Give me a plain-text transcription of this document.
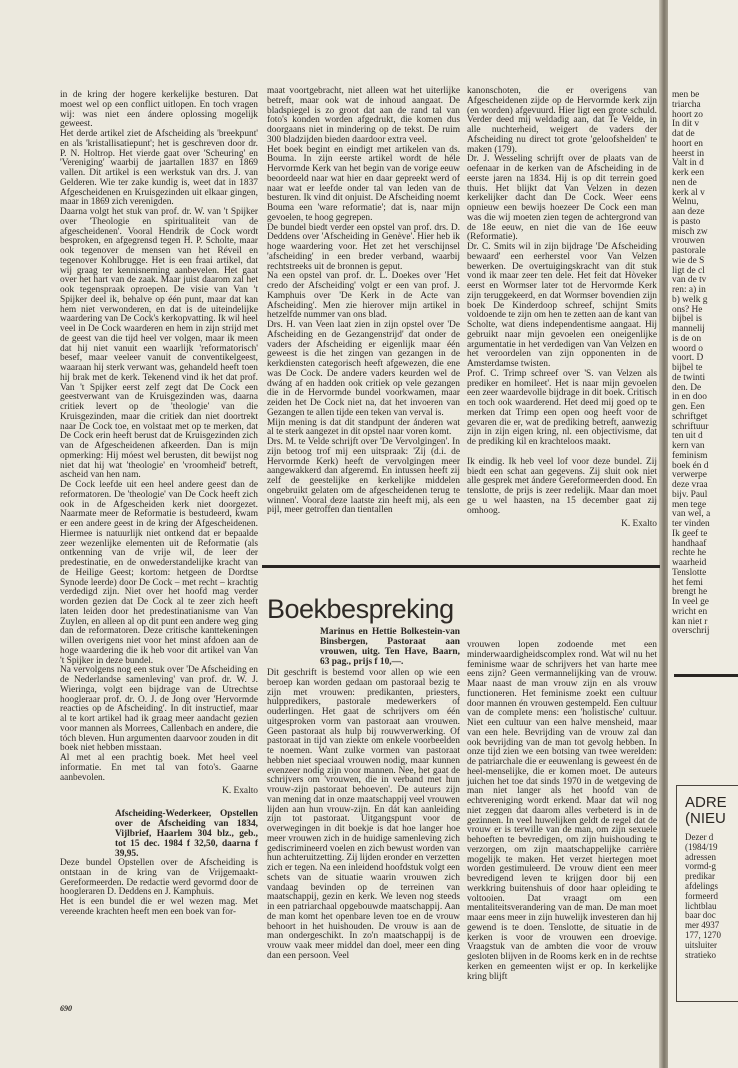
in de kring der hogere kerkelijke besturen. Dat moest wel op een conflict uitlopen. En toch vragen wij: was niet een ándere oplossing mogelijk geweest.

Het derde artikel ziet de Afscheiding als 'breekpunt' en als 'kristallisatiepunt'; het is geschreven door dr. P. N. Holtrop. Het vierde gaat over 'Scheuring' en 'Vereniging' waarbij de jaartallen 1837 en 1869 vallen. Dit artikel is een werkstuk van drs. J. van Gelderen. Wie ter zake kundig is, weet dat in 1837 Afgescheidenen en Kruisgezinden uit elkaar gingen, maar in 1869 zich verenigden.

Daarna volgt het stuk van prof. dr. W. van 't Spijker over 'Theologie en spiritualiteit van de afgescheidenen'. Vooral Hendrik de Cock wordt besproken, en afgegrensd tegen H. P. Scholte, maar ook tegenover de mensen van het Réveil en tegenover Kohlbrugge. Het is een fraai artikel, dat wij graag ter kennisneming aanbevelen. Het gaat over het hart van de zaak. Maar juist daarom zal het ook tegenspraak oproepen. De visie van Van 't Spijker deel ik, behalve op één punt, maar dat kan hem niet verwonderen, en dat is de uiteindelijke waardering van De Cock's kerkopvatting. Ik wil heel veel in De Cock waarderen en hem in zijn strijd met de geest van die tijd heel ver volgen, maar ik meen dat hij niet vanuit een waarlijk 'reformatorisch' besef, maar veeleer vanuit de conventikelgeest, waaraan hij sterk verwant was, gehandeld heeft toen hij brak met de kerk. Tekenend vind ik het dat prof. Van 't Spijker eerst zelf zegt dat De Cock een geestverwant van de Kruisgezinden was, daarna critiek levert op de 'theologie' van die Kruisgezinden, maar die critiek dan niet doortrekt naar De Cock toe, en volstaat met op te merken, dat De Cock erin heeft berust dat de Kruisgezinden zich van de Afgescheidenen afkeerden. Dan is mijn opmerking: Hij móest wel berusten, dit bewijst nog niet dat hij wat 'theologie' en 'vroomheid' betreft, ascheid van hen nam.

De Cock leefde uit een heel andere geest dan de reformatoren. De 'theologie' van De Cock heeft zich ook in de Afgescheiden kerk niet doorgezet. Naarmate meer de Reformatie is bestudeerd, kwam er een andere geest in de kring der Afgescheidenen. Hiermee is natuurlijk niet ontkend dat er bepaalde zeer wezenlijke elementen uit de Reformatie (als ontkenning van de vrije wil, de leer der predestinatie, en de onwederstandelijke kracht van de Heilige Geest; kortom: hetgeen de Dordtse Synode leerde) door De Cock – met recht – krachtig verdedigd zijn. Niet over het hoofd mag verder worden gezien dat De Cock al te zeer zich heeft laten leiden door het predestinatianisme van Van Zuylen, en alleen al op dit punt een andere weg ging dan de reformatoren. Deze critische kanttekeningen willen overigens niet voor het minst afdoen aan de hoge waardering die ik heb voor dit artikel van Van 't Spijker in deze bundel.

Na vervolgens nog een stuk over 'De Afscheiding en de Nederlandse samenleving' van prof. dr. W. J. Wieringa, volgt een bijdrage van de Utrechtse hoogleraar prof. dr. O. J. de Jong over 'Hervormde reacties op de Afscheiding'. In dit instructief, maar al te kort artikel had ik graag meer aandacht gezien voor mannen als Morrees, Callenbach en andere, die tóch bleven. Hun argumenten daarvoor zouden in dit boek niet hebben misstaan.

Al met al een prachtig boek. Met heel veel informatie. En met tal van foto's. Gaarne aanbevolen.

K. Exalto

Afscheiding-Wederkeer, Opstellen over de Afscheiding van 1834, Vijlbrief, Haarlem 304 blz., geb., tot 15 dec. 1984 f 32,50, daarna f 39,95.

Deze bundel Opstellen over de Afscheiding is ontstaan in de kring van de Vrijgemaakt-Gereformeerden. De redactie werd gevormd door de hoogleraren D. Deddens en J. Kamphuis.

Het is een bundel die er wel wezen mag. Met vereende krachten heeft men een boek van for-

maat voortgebracht, niet alleen wat het uiterlijke betreft, maar ook wat de inhoud aangaat. De bladspiegel is zo groot dat aan de rand tal van foto's konden worden afgedrukt, die komen dus doorgaans niet in mindering op de tekst. De ruim 300 bladzijden bieden daardoor extra veel.

Het boek begint en eindigt met artikelen van ds. Bouma. In zijn eerste artikel wordt de héle Hervormde Kerk van het begin van de vorige eeuw beoordeeld naar wat hier en daar gepreekt werd of naar wat er leefde onder tal van leden van de besturen. Ik vind dit onjuist. De Afscheiding noemt Bouma een 'ware reformatie'; dat is, naar mijn gevoelen, te hoog gegrepen.

De bundel biedt verder een opstel van prof. drs. D. Deddens over 'Afscheiding in Genève'. Hier heb ik hoge waardering voor. Het zet het verschijnsel 'afscheiding' in een breder verband, waarbij rechtstreeks uit de bronnen is geput.

Na een opstel van prof. dr. L. Doekes over 'Het credo der Afscheiding' volgt er een van prof. J. Kamphuis over 'De Kerk in de Acte van Afscheiding'. Men zie hierover mijn artikel in hetzelfde nummer van ons blad.

Drs. H. van Veen laat zien in zijn opstel over 'De Afscheiding en de Gezangenstrijd' dat onder de vaders der Afscheiding er eigenlijk maar één geweest is die het zingen van gezangen in de kerkdiensten categorisch heeft afgewezen, die ene was De Cock. De andere vaders keurden wel de dwáng af en hadden ook critiek op vele gezangen die in de Hervormde bundel voorkwamen, maar zeiden het De Cock niet na, dat het invoeren van Gezangen te allen tijde een teken van verval is.

Mijn mening is dat dit standpunt der ánderen wat al te sterk aangezet in dit opstel naar voren komt.

Drs. M. te Velde schrijft over 'De Vervolgingen'. In zijn betoog trof mij een uitspraak: 'Zij (d.i. de Hervormde Kerk) heeft de vervolgingen meer aangewakkerd dan afgeremd. En intussen heeft zij zelf de geestelijke en kerkelijke middelen ongebruikt gelaten om de afgescheidenen terug te winnen'. Vooral deze laatste zin heeft mij, als een pijl, meer getroffen dan tientallen

kanonschoten, die er overigens van Afgescheidenen zijde op de Hervormde kerk zijn (en worden) afgevuurd. Hier ligt een grote schuld. Verder deed mij weldadig aan, dat Te Velde, in alle nuchterheid, weigert de vaders der Afscheiding nu direct tot grote 'geloofshelden' te maken (179).

Dr. J. Wesseling schrijft over de plaats van de oefenaar in de kerken van de Afscheiding in de eerste jaren na 1834. Hij is op dit terrein goed thuis. Het blijkt dat Van Velzen in dezen kerkelijker dacht dan De Cock. Weer eens opnieuw een bewijs hoezeer De Cock een man was die wij moeten zien tegen de achtergrond van de 18e eeuw, en niet die van de 16e eeuw (Reformatie).

Dr. C. Smits wil in zijn bijdrage 'De Afscheiding bewaard' een eerherstel voor Van Velzen bewerken. De overtuigingskracht van dit stuk vond ik maar zeer ten dele. Het feit dat Hòveker eerst en Wormser later tot de Hervormde Kerk zijn teruggekeerd, en dat Wormser bovendien zijn boek De Kinderdoop schreef, schijnt Smits voldoende te zijn om hen te zetten aan de kant van Scholte, wat diens independentisme aangaat. Hij gebruikt naar mijn gevoelen een oneigenlijke argumentatie in het verdedigen van Van Velzen en het veroordelen van zijn opponenten in de Amsterdamse twisten.

Prof. C. Trimp schreef over 'S. van Velzen als prediker en homileet'. Het is naar mijn gevoelen een zeer waardevolle bijdrage in dit boek. Critisch en toch ook waarderend. Het deed mij goed op te merken dat Trimp een open oog heeft voor de gevaren die er, wat de prediking betreft, aanwezig zijn in zijn eigen kring, nl. een objectivisme, dat de prediking kil en krachteloos maakt.

Ik eindig. Ik heb veel lof voor deze bundel. Zij biedt een schat aan gegevens. Zij sluit ook niet alle gesprek met ándere Gereformeerden dood. En tenslotte, de prijs is zeer redelijk. Maar dan moet ge u wel haasten, na 15 december gaat zij omhoog.

K. Exalto

Boekbespreking
Marinus en Hettie Bolkestein-van Binsbergen, Pastoraat aan vrouwen, uitg. Ten Have, Baarn, 63 pag., prijs f 10,—.

Dit geschrift is bestemd voor allen op wie een beroep kan worden gedaan om pastoraal bezig te zijn met vrouwen: predikanten, priesters, hulppredikers, pastorale medewerkers of ouderlingen. Het gaat de schrijvers om één uitgesproken vorm van pastoraat aan vrouwen. Geen pastoraat als hulp bij rouwverwerking. Of pastoraat in tijd van ziekte om enkele voorbeelden te noemen. Want zulke vormen van pastoraat hebben niet speciaal vrouwen nodig, maar kunnen evenzeer nodig zijn voor mannen. Nee, het gaat de schrijvers om 'vrouwen, die in verband met hun vrouw-zijn pastoraat behoeven'. De auteurs zijn van mening dat in onze maatschappij veel vrouwen lijden aan hun vrouw-zijn. En dát kan aanleiding zijn tot pastoraat. Uitgangspunt voor de overwegingen in dit boekje is dat hoe langer hoe meer vrouwen zich in de huidige samenleving zich gediscrimineerd voelen en zich bewust worden van hun achteruitzetting. Zij lijden eronder en verzetten zich er tegen. Na een inleidend hoofdstuk volgt een schets van de situatie waarin vrouwen zich vandaag bevinden op de terreinen van maatschappij, gezin en kerk. We leven nog steeds in een patriarchaal opgebouwde maatschappij. Aan de man komt het openbare leven toe en de vrouw behoort in het huishouden. De vrouw is aan de man ondergeschikt. In zo'n maatschappij is de vrouw vaak meer middel dan doel, meer een ding dan een persoon. Veel

vrouwen lopen zodoende met een minderwaardigheidscomplex rond. Wat wil nu het feminisme waar de schrijvers het van harte mee eens zijn? Geen vermannelijking van de vrouw. Maar naast de man vrouw zijn en als vrouw functioneren. Het feminisme zoekt een cultuur door mannen én vrouwen gestempeld. Een cultuur van de complete mens: een 'holistische' cultuur. Niet een cultuur van een halve mensheid, maar van een hele. Bevrijding van de vrouw zal dan ook bevrijding van de man tot gevolg hebben. In onze tijd zien we een botsing van twee werelden: de patriarchale die er eeuwenlang is geweest én de heel-menselijke, die er komen moet. De auteurs juichen het toe dat sinds 1970 in de wetgeving de man niet langer als het hoofd van de echtvereniging wordt erkend. Maar dat wil nog niet zeggen dat daarom alles verbeterd is in de gezinnen. In veel huwelijken geldt de regel dat de vrouw er is terwille van de man, om zijn sexuele behoeften te bevredigen, om zijn huishouding te verzorgen, om zijn maatschappelijke carrière mogelijk te maken. Het verzet hiertegen moet worden gestimuleerd. De vrouw dient een meer bevredigend leven te krijgen door bij een werkkring buitenshuis of door haar opleiding te voltooien. Dat vraagt om een mentaliteitsverandering van de man. De man moet maar eens meer in zijn huwelijk investeren dan hij gewend is te doen. Tenslotte, de situatie in de kerken is voor de vrouwen een droevige. Vraagstuk van de ambten die voor de vrouw gesloten blijven in de Rooms kerk en in de rechtse kerken en gemeenten wijst er op. In kerkelijke kring blijft

men be
triarcha
hoort zo
In dit v
dat de
hoort en
heerst in
Valt in d
kerk een
nen de
kerk al v
Welnu,
aan deze
is pasto
misch zw
vrouwen
pastorale
wie de S
ligt de cl
van de tv
ren: a) in
b) welk g
ons? He
bijbel is
mannelij
is de on
woord o
voort. D
bijbel te
de twinti
den. De
in en doo
gen. Een
schriftget
schriftuur
ten uit d
kern van
feminism
boek én d
verwerpe
deze vraa
bijv. Paul
men tege
van wel, a
ter vinden
Ik geef te
handhaaf
rechte he
waarheid
Tenslotte
het femi
brengt he
In veel ge
wricht en
kan niet r
overschrij
ADRE
(NIEU
Dezer d
(1984/19
adressen
vormd-g
predikar
afdelings
formeerd
lichtblau
baar doc
mer 4937
177, 1270
uitsluiter
stratieko
690
